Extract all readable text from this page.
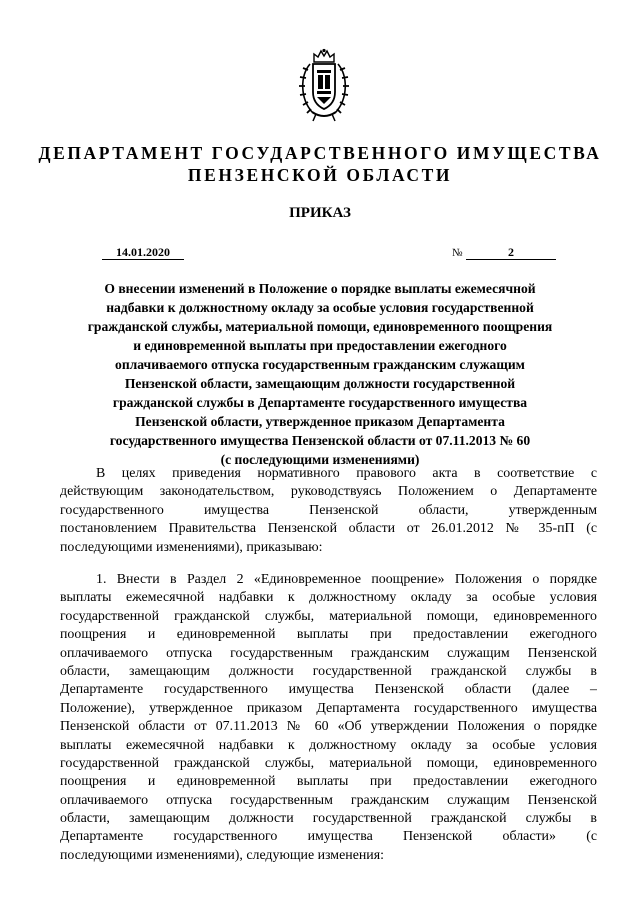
ДЕПАРТАМЕНТ ГОСУДАРСТВЕННОГО ИМУЩЕСТВА
ПЕНЗЕНСКОЙ ОБЛАСТИ
ПРИКАЗ
14.01.2020	№	2
О внесении изменений в Положение о порядке выплаты ежемесячной
надбавки к должностному окладу за особые условия государственной
гражданской службы, материальной помощи, единовременного поощрения
и единовременной выплаты при предоставлении ежегодного
оплачиваемого отпуска государственным гражданским служащим
Пензенской области, замещающим должности государственной
гражданской службы в Департаменте государственного имущества
Пензенской области, утвержденное приказом Департамента
государственного имущества Пензенской области от 07.11.2013 № 60
(с последующими изменениями)
В целях приведения нормативного правового акта в соответствие с
действующим законодательством, руководствуясь Положением о Департаменте
государственного имущества Пензенской области, утвержденным
постановлением Правительства Пензенской области от 26.01.2012 № 35-пП (с
последующими изменениями), приказываю:
1. Внести в Раздел 2 «Единовременное поощрение» Положения о порядке
выплаты ежемесячной надбавки к должностному окладу за особые условия
государственной гражданской службы, материальной помощи, единовременного
поощрения и единовременной выплаты при предоставлении ежегодного
оплачиваемого отпуска государственным гражданским служащим Пензенской
области, замещающим должности государственной гражданской службы в
Департаменте государственного имущества Пензенской области (далее –
Положение), утвержденное приказом Департамента государственного имущества
Пензенской области от 07.11.2013 № 60 «Об утверждении Положения о порядке
выплаты ежемесячной надбавки к должностному окладу за особые условия
государственной гражданской службы, материальной помощи, единовременного
поощрения и единовременной выплаты при предоставлении ежегодного
оплачиваемого отпуска государственным гражданским служащим Пензенской
области, замещающим должности государственной гражданской службы в
Департаменте государственного имущества Пензенской области» (с
последующими изменениями), следующие изменения:
